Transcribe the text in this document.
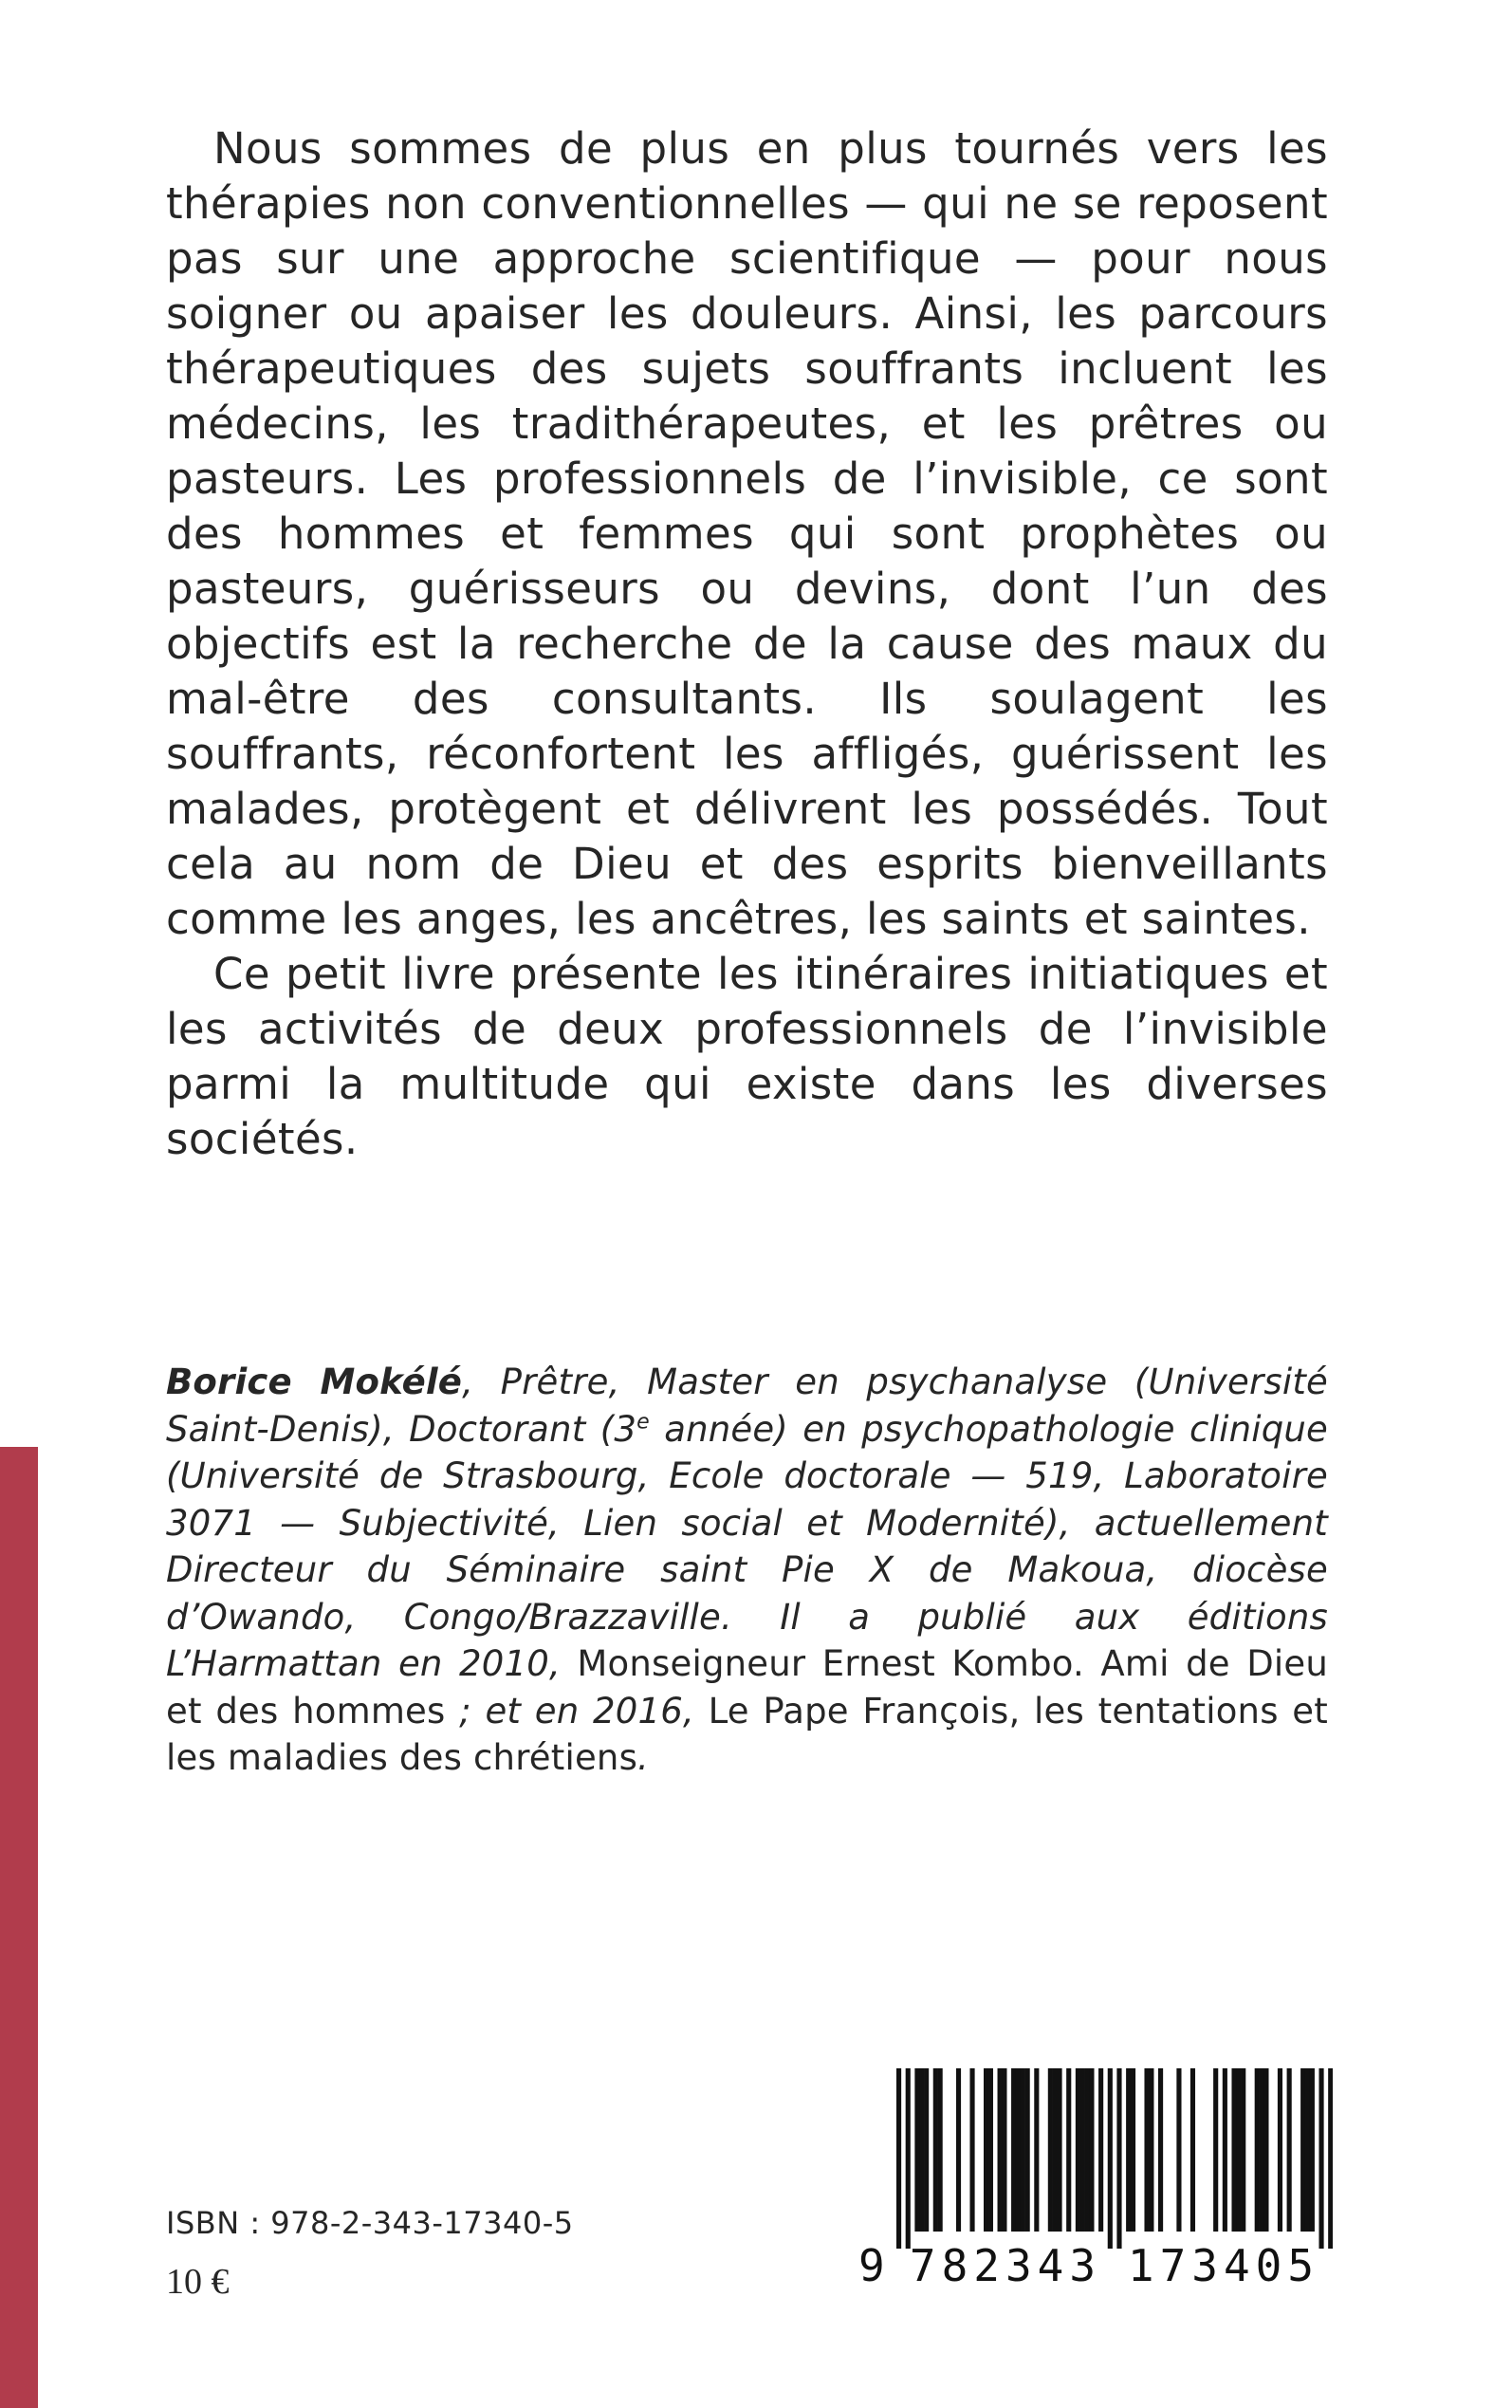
Nous sommes de plus en plus tournés vers les thérapies non conventionnelles — qui ne se reposent pas sur une approche scientifique — pour nous soigner ou apaiser les douleurs. Ainsi, les parcours thérapeutiques des sujets souffrants incluent les médecins, les tradithérapeutes, et les prêtres ou pasteurs. Les professionnels de l’invisible, ce sont des hommes et femmes qui sont prophètes ou pasteurs, guérisseurs ou devins, dont l’un des objectifs est la recherche de la cause des maux du mal-être des consultants. Ils soulagent les souffrants, réconfortent les affligés, guérissent les malades, protègent et délivrent les possédés. Tout cela au nom de Dieu et des esprits bienveillants comme les anges, les ancêtres, les saints et saintes.

Ce petit livre présente les itinéraires initiatiques et les activités de deux professionnels de l’invisible parmi la multitude qui existe dans les diverses sociétés.

Borice Mokélé, Prêtre, Master en psychanalyse (Université Saint-Denis), Doctorant (3e année) en psychopathologie clinique (Université de Strasbourg, Ecole doctorale — 519, Laboratoire 3071 — Subjectivité, Lien social et Modernité), actuellement Directeur du Séminaire saint Pie X de Makoua, diocèse d’Owando, Congo/Brazzaville. Il a publié aux éditions L’Harmattan en 2010, Monseigneur Ernest Kombo. Ami de Dieu et des hommes ; et en 2016, Le Pape François, les tentations et les maladies des chrétiens.
ISBN : 978-2-343-17340-5
10 €	9 782343 173405
